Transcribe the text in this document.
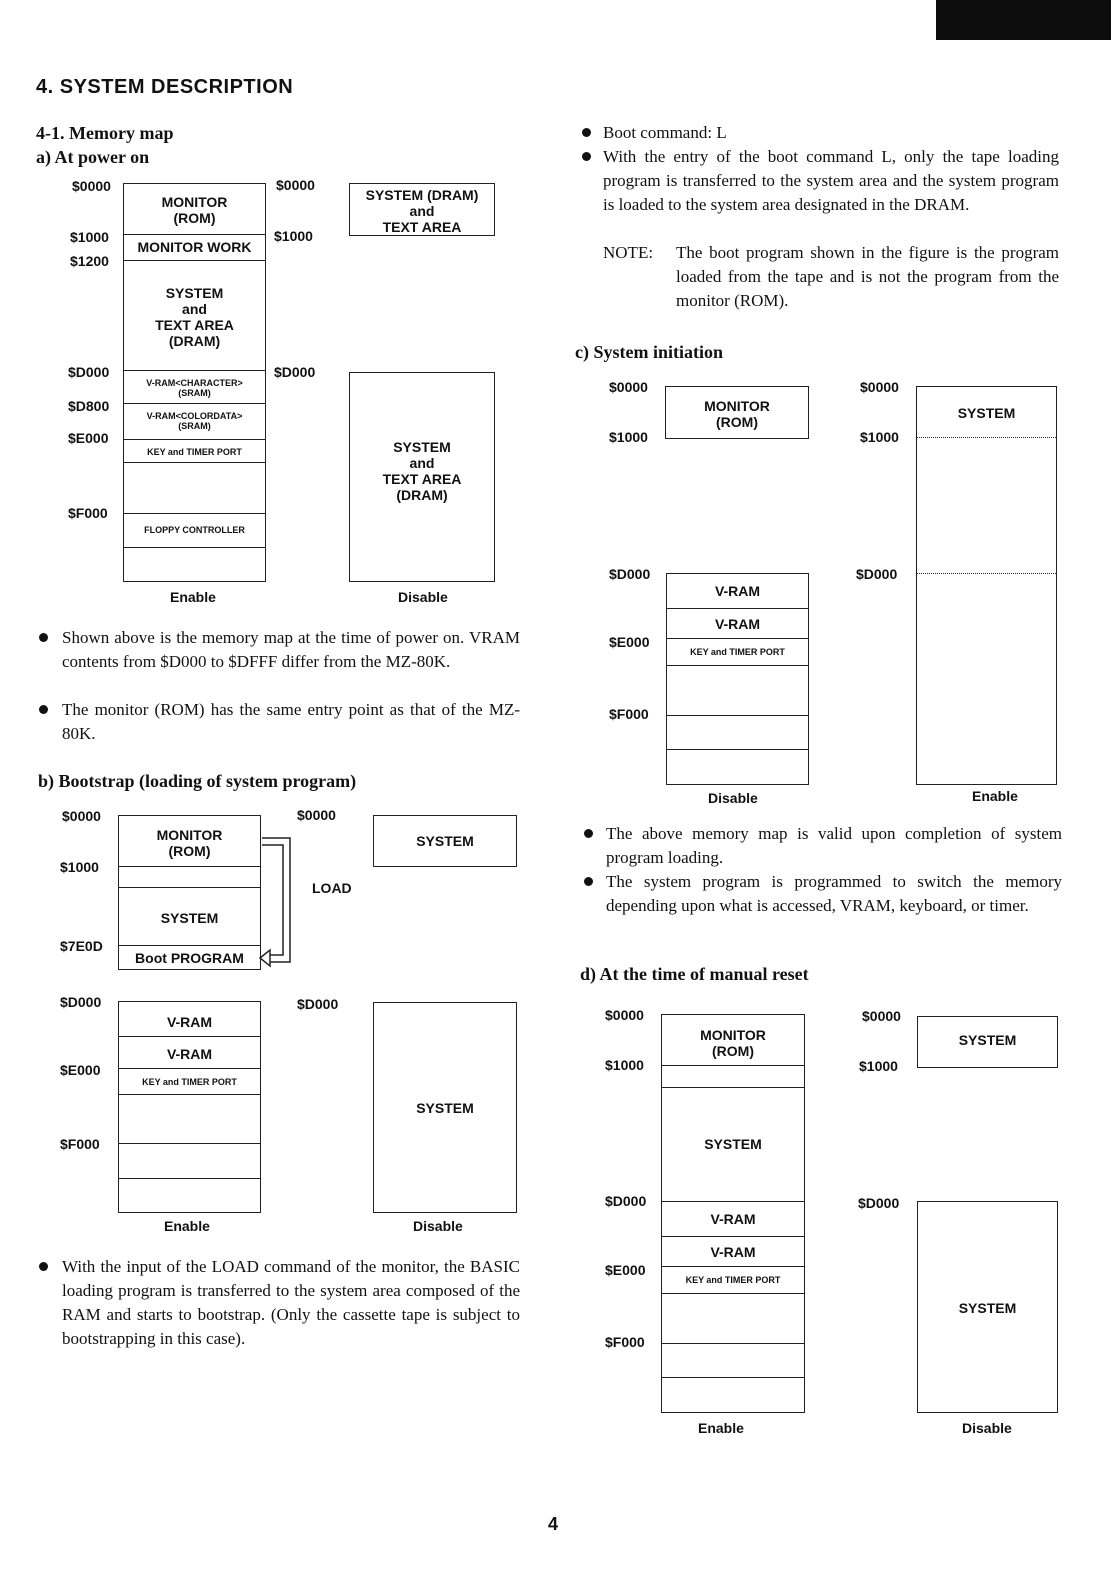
4. SYSTEM DESCRIPTION
4-1. Memory map
a) At power on
$0000
$1000
$1200
$D000
$D800
$E000
$F000
MONITOR
(ROM)
MONITOR WORK
SYSTEM
and
TEXT AREA
(DRAM)
V-RAM<CHARACTER>
(SRAM)
V-RAM<COLORDATA>
(SRAM)
KEY and TIMER PORT
FLOPPY CONTROLLER
$0000
$1000
$D000
SYSTEM (DRAM)
and
TEXT AREA
SYSTEM
and
TEXT AREA
(DRAM)
Enable	Disable
Shown above is the memory map at the time of power on. VRAM contents from $D000 to $DFFF differ from the MZ-80K.
The monitor (ROM) has the same entry point as that of the MZ-80K.
b) Bootstrap (loading of system program)
$0000
$1000
$7E0D
$D000
$E000
$F000
MONITOR
(ROM)
SYSTEM
Boot PROGRAM
V-RAM
V-RAM
KEY and TIMER PORT
LOAD
$0000
$D000
SYSTEM
SYSTEM
Enable	Disable
With the input of the LOAD command of the monitor, the BASIC loading program is transferred to the system area composed of the RAM and starts to bootstrap. (Only the cassette tape is subject to bootstrapping in this case).
Boot command: L
With the entry of the boot command L, only the tape loading program is transferred to the system area and the system program is loaded to the system area designated in the DRAM.
NOTE: The boot program shown in the figure is the program loaded from the tape and is not the program from the monitor (ROM).
c) System initiation
$0000
$1000
$D000
$E000
$F000
MONITOR
(ROM)
V-RAM
V-RAM
KEY and TIMER PORT
$0000
$1000
$D000
SYSTEM
Disable	Enable
The above memory map is valid upon completion of system program loading.
The system program is programmed to switch the memory depending upon what is accessed, VRAM, keyboard, or timer.
d) At the time of manual reset
$0000
$1000
$D000
$E000
$F000
MONITOR
(ROM)
SYSTEM
V-RAM
V-RAM
KEY and TIMER PORT
$0000
$1000
$D000
SYSTEM
SYSTEM
Enable	Disable
4
